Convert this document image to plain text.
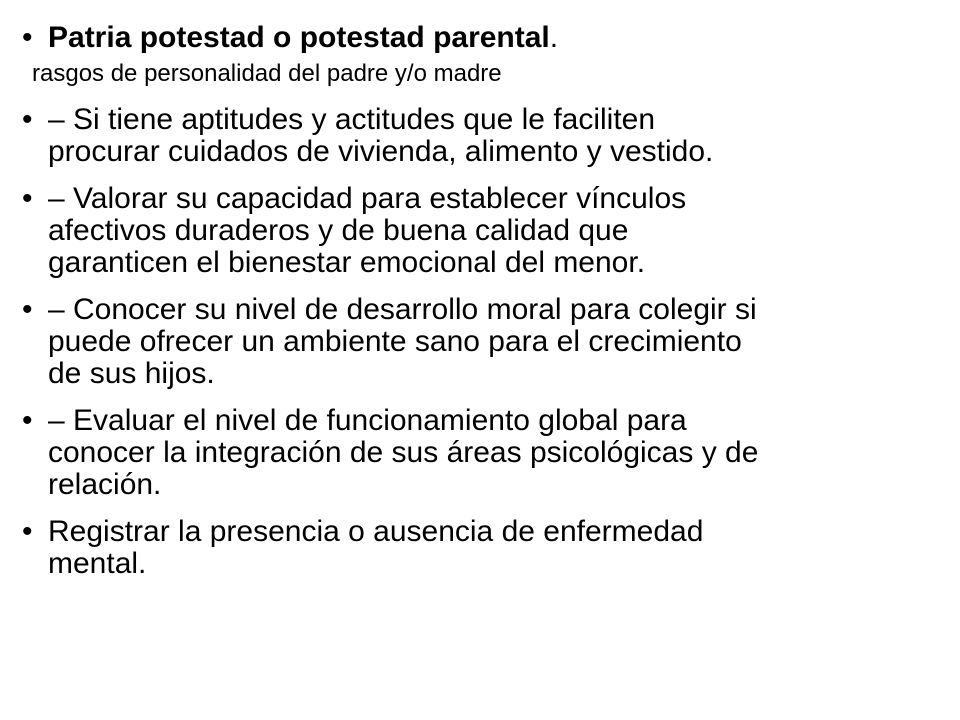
• Patria potestad o potestad parental.
rasgos de personalidad del padre y/o madre
• – Si tiene aptitudes y actitudes que le faciliten
procurar cuidados de vivienda, alimento y vestido.
• – Valorar su capacidad para establecer vínculos
afectivos duraderos y de buena calidad que
garanticen el bienestar emocional del menor.
• – Conocer su nivel de desarrollo moral para colegir si
puede ofrecer un ambiente sano para el crecimiento
de sus hijos.
• – Evaluar el nivel de funcionamiento global para
conocer la integración de sus áreas psicológicas y de
relación.
• Registrar la presencia o ausencia de enfermedad
mental.
